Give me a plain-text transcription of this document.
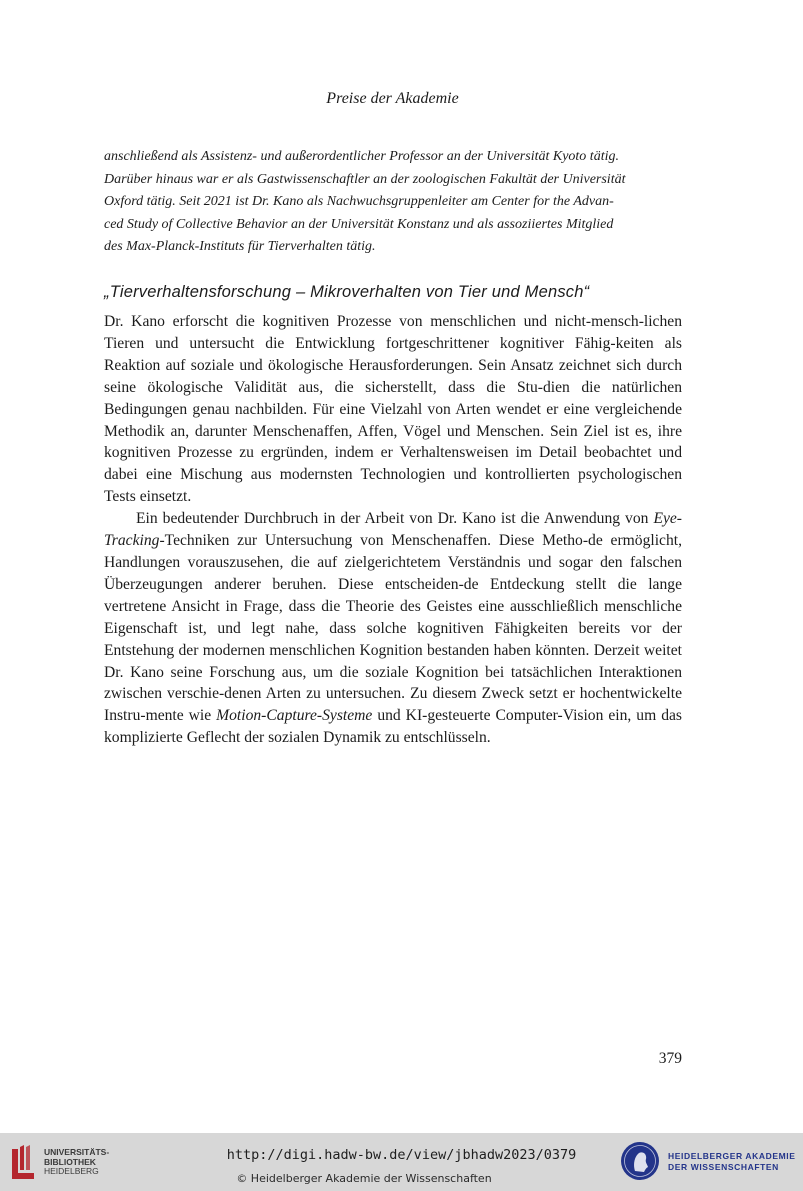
Preise der Akademie
anschließend als Assistenz- und außerordentlicher Professor an der Universität Kyoto tätig.
Darüber hinaus war er als Gastwissenschaftler an der zoologischen Fakultät der Universität
Oxford tätig. Seit 2021 ist Dr. Kano als Nachwuchsgruppenleiter am Center for the Advan-
ced Study of Collective Behavior an der Universität Konstanz und als assoziiertes Mitglied
des Max-Planck-Instituts für Tierverhalten tätig.
„Tierverhaltensforschung – Mikroverhalten von Tier und Mensch“

Dr. Kano erforscht die kognitiven Prozesse von menschlichen und nicht-mensch-lichen Tieren und untersucht die Entwicklung fortgeschrittener kognitiver Fähig-keiten als Reaktion auf soziale und ökologische Herausforderungen. Sein Ansatz zeichnet sich durch seine ökologische Validität aus, die sicherstellt, dass die Stu-dien die natürlichen Bedingungen genau nachbilden. Für eine Vielzahl von Arten wendet er eine vergleichende Methodik an, darunter Menschenaffen, Affen, Vögel und Menschen. Sein Ziel ist es, ihre kognitiven Prozesse zu ergründen, indem er Verhaltensweisen im Detail beobachtet und dabei eine Mischung aus modernsten Technologien und kontrollierten psychologischen Tests einsetzt.

Ein bedeutender Durchbruch in der Arbeit von Dr. Kano ist die Anwendung von Eye-Tracking-Techniken zur Untersuchung von Menschenaffen. Diese Metho-de ermöglicht, Handlungen vorauszusehen, die auf zielgerichtetem Verständnis und sogar den falschen Überzeugungen anderer beruhen. Diese entscheiden-de Entdeckung stellt die lange vertretene Ansicht in Frage, dass die Theorie des Geistes eine ausschließlich menschliche Eigenschaft ist, und legt nahe, dass solche kognitiven Fähigkeiten bereits vor der Entstehung der modernen menschlichen Kognition bestanden haben könnten. Derzeit weitet Dr. Kano seine Forschung aus, um die soziale Kognition bei tatsächlichen Interaktionen zwischen verschie-denen Arten zu untersuchen. Zu diesem Zweck setzt er hochentwickelte Instru-mente wie Motion-Capture-Systeme und KI-gesteuerte Computer-Vision ein, um das komplizierte Geflecht der sozialen Dynamik zu entschlüsseln.

379
UNIVERSITÄTS-
BIBLIOTHEK
HEIDELBERG
http://digi.hadw-bw.de/view/jbhadw2023/0379
© Heidelberger Akademie der Wissenschaften
HEIDELBERGER AKADEMIE
DER WISSENSCHAFTEN
